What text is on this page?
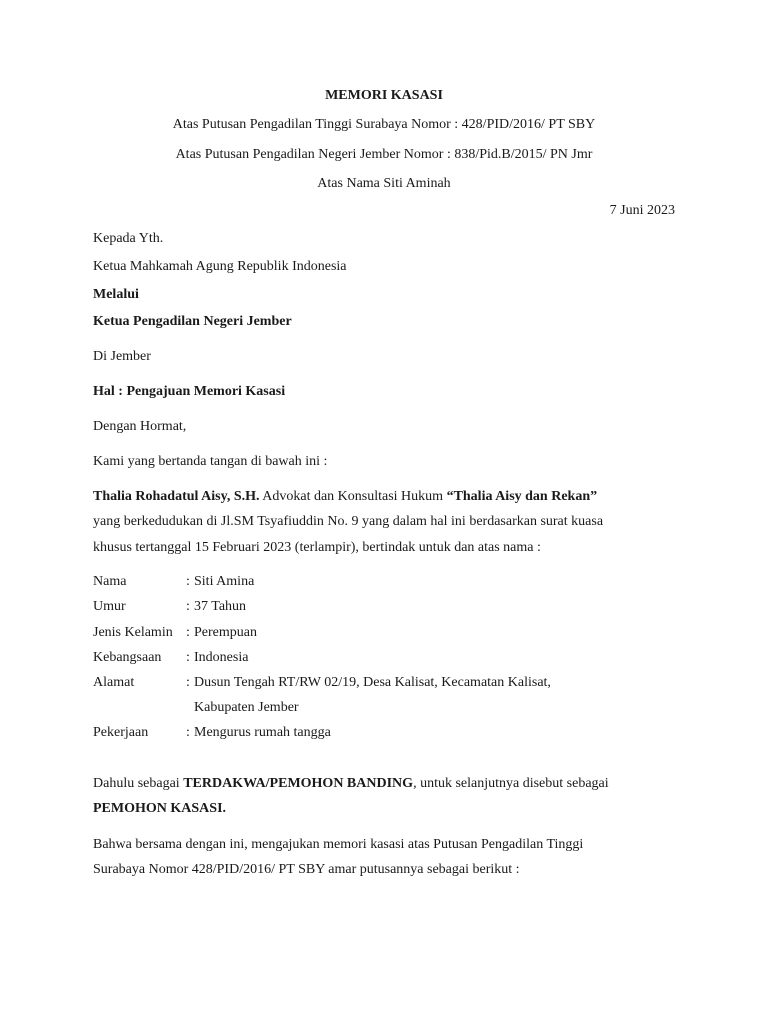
MEMORI KASASI
Atas Putusan Pengadilan Tinggi Surabaya Nomor : 428/PID/2016/ PT SBY
Atas Putusan Pengadilan Negeri Jember Nomor : 838/Pid.B/2015/ PN Jmr
Atas Nama Siti Aminah
7 Juni 2023
Kepada Yth.
Ketua Mahkamah Agung Republik Indonesia
Melalui
Ketua Pengadilan Negeri Jember
Di Jember
Hal : Pengajuan Memori Kasasi
Dengan Hormat,
Kami yang bertanda tangan di bawah ini :
Thalia Rohadatul Aisy, S.H. Advokat dan Konsultasi Hukum “Thalia Aisy dan Rekan”
yang berkedudukan di Jl.SM Tsyafiuddin No. 9 yang dalam hal ini berdasarkan surat kuasa
khusus tertanggal 15 Februari 2023 (terlampir), bertindak untuk dan atas nama :
Nama	: Siti Amina
Umur	: 37 Tahun
Jenis Kelamin : Perempuan
Kebangsaan : Indonesia
Alamat	: Dusun Tengah RT/RW 02/19, Desa Kalisat, Kecamatan Kalisat,
Kabupaten Jember
Pekerjaan	: Mengurus rumah tangga
Dahulu sebagai TERDAKWA/PEMOHON BANDING, untuk selanjutnya disebut sebagai
PEMOHON KASASI.
Bahwa bersama dengan ini, mengajukan memori kasasi atas Putusan Pengadilan Tinggi
Surabaya Nomor 428/PID/2016/ PT SBY amar putusannya sebagai berikut :
